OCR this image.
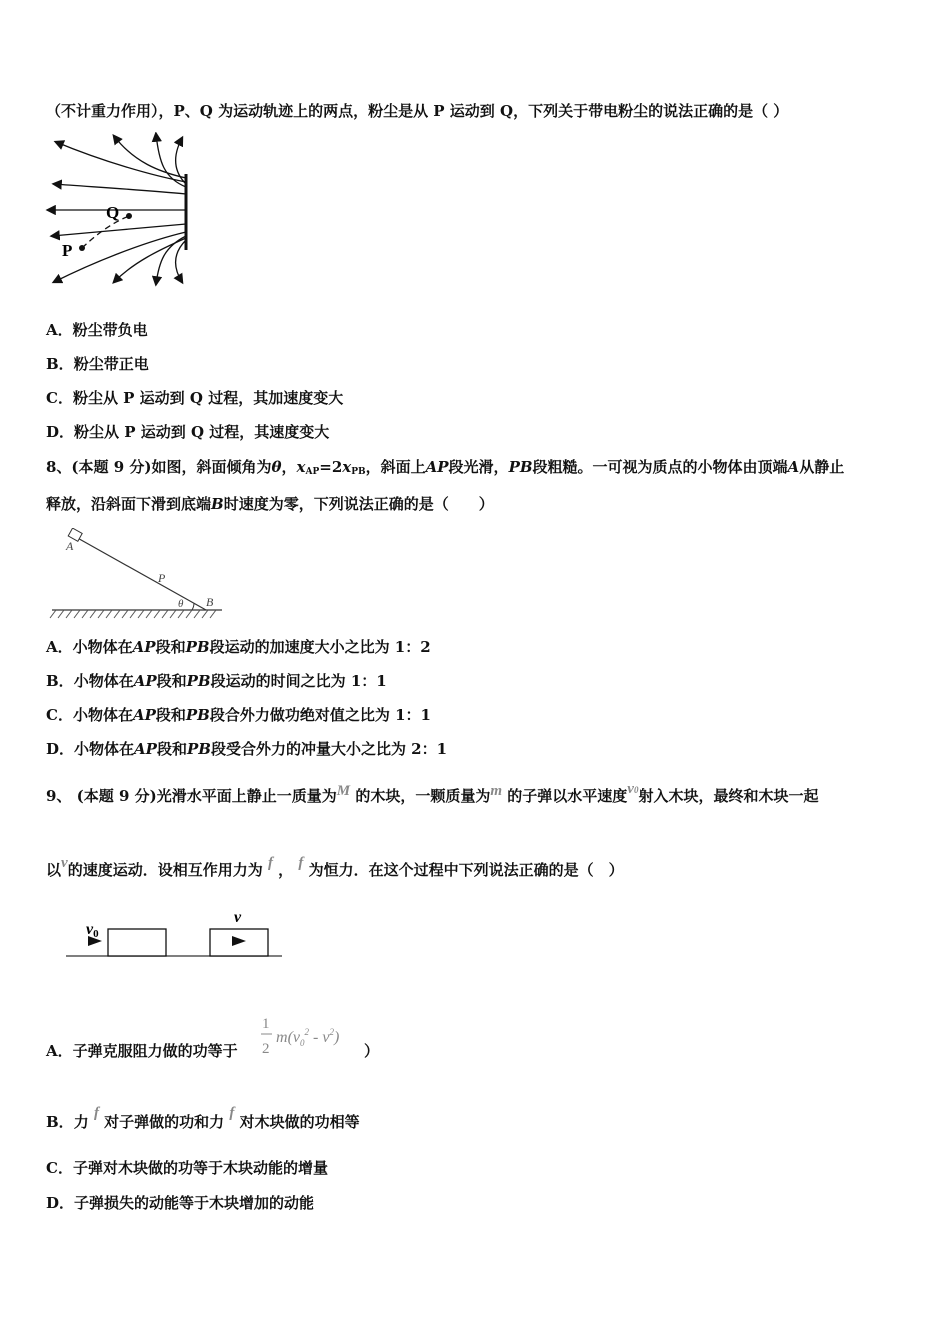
（不计重力作用），P、Q 为运动轨迹上的两点，粉尘是从 P 运动到 Q，下列关于带电粉尘的说法正确的是（ ）
Q
P
A．粉尘带负电
B．粉尘带正电
C．粉尘从 P 运动到 Q 过程，其加速度变大
D．粉尘从 P 运动到 Q 过程，其速度变大
8、(本题 9 分)如图，斜面倾角为θ，$x_{AP}=2x_{PB}$，斜面上AP段光滑，PB段粗糙。一可视为质点的小物体由顶端A从静止
释放，沿斜面下滑到底端B时速度为零，下列说法正确的是（　　）
A
P
B
θ
A．小物体在AP段和PB段运动的加速度大小之比为 1：2
B．小物体在AP段和PB段运动的时间之比为 1：1
C．小物体在AP段和PB段合外力做功绝对值之比为 1：1
D．小物体在AP段和PB段受合外力的冲量大小之比为 2：1
9、 (本题 9 分)光滑水平面上静止一质量为M 的木块，一颗质量为m 的子弹以水平速度v0射入木块，最终和木块一起
以v的速度运动．设相互作用力为 f ， f 为恒力．在这个过程中下列说法正确的是（　）
v0
v
A．子弹克服阻力做的功等于
1
2
$m(v_0^2 - v^2)$
）
B．力 f 对子弹做的功和力 f 对木块做的功相等
C．子弹对木块做的功等于木块动能的增量
D．子弹损失的动能等于木块增加的动能
